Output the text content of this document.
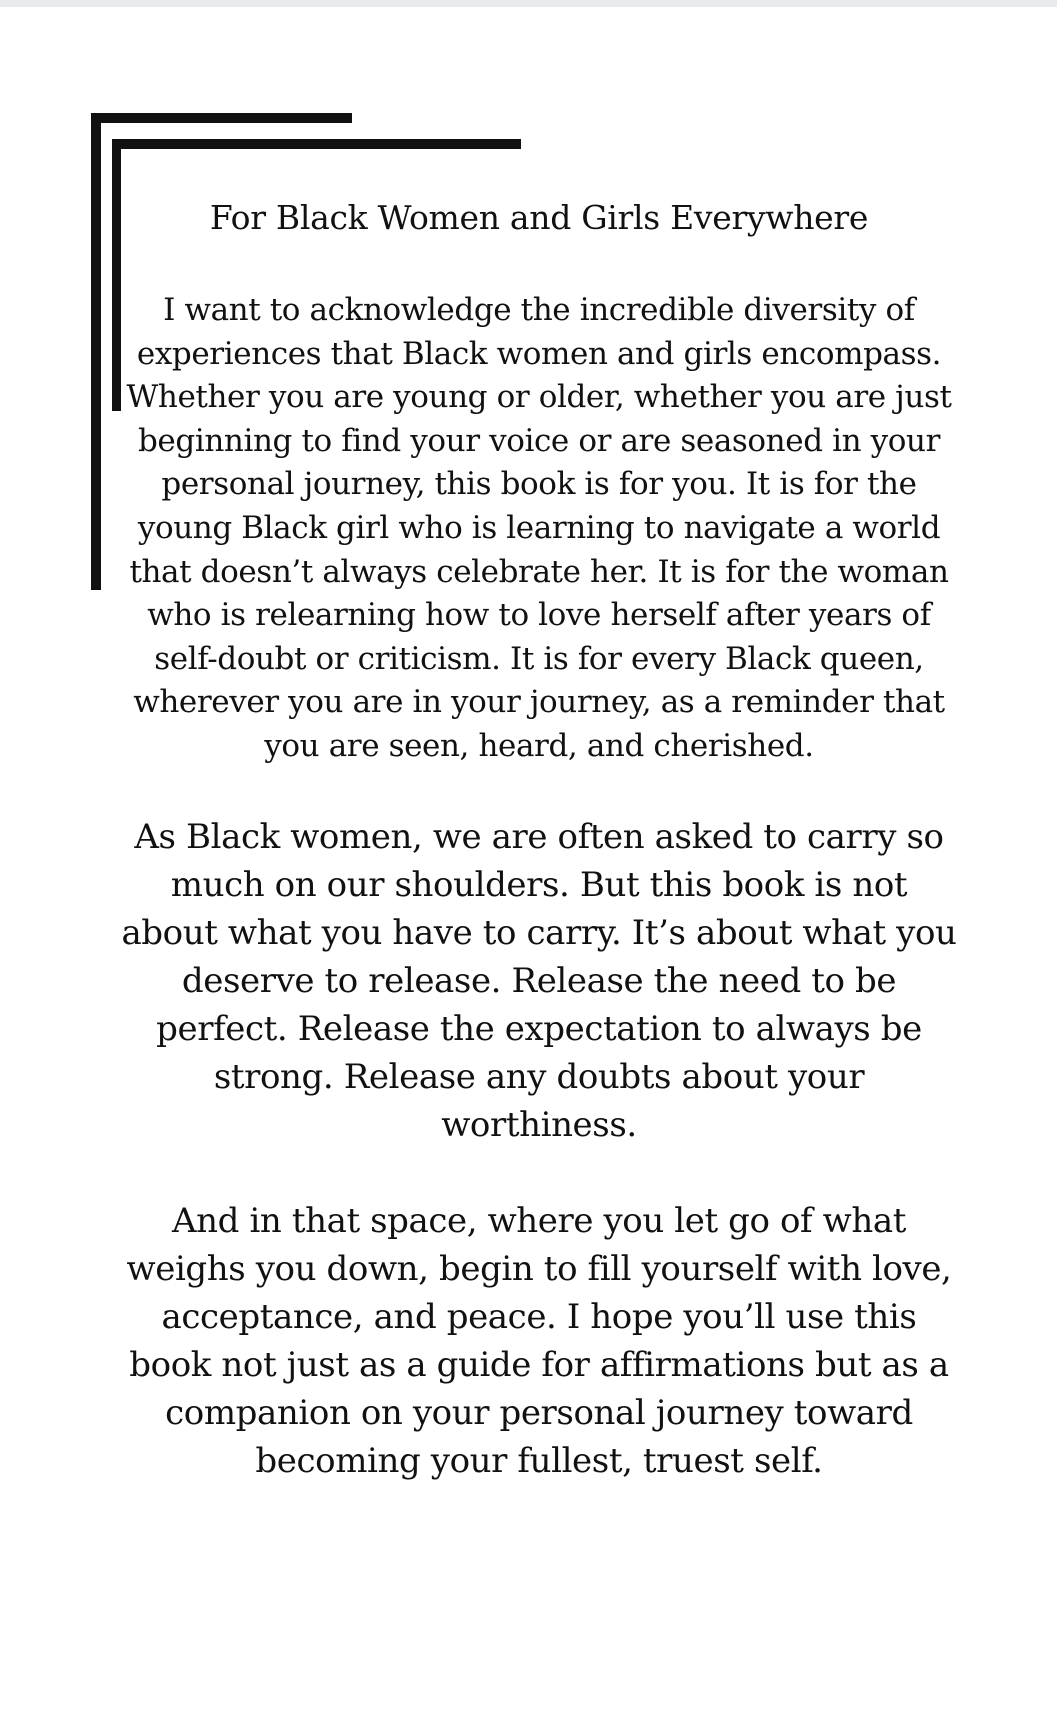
For Black Women and Girls Everywhere

I want to acknowledge the incredible diversity of experiences that Black women and girls encompass. Whether you are young or older, whether you are just beginning to find your voice or are seasoned in your personal journey, this book is for you. It is for the young Black girl who is learning to navigate a world that doesn’t always celebrate her. It is for the woman who is relearning how to love herself after years of self-doubt or criticism. It is for every Black queen, wherever you are in your journey, as a reminder that you are seen, heard, and cherished.

As Black women, we are often asked to carry so much on our shoulders. But this book is not about what you have to carry. It’s about what you deserve to release. Release the need to be perfect. Release the expectation to always be strong. Release any doubts about your worthiness.

And in that space, where you let go of what weighs you down, begin to fill yourself with love, acceptance, and peace. I hope you’ll use this book not just as a guide for affirmations but as a companion on your personal journey toward becoming your fullest, truest self.
